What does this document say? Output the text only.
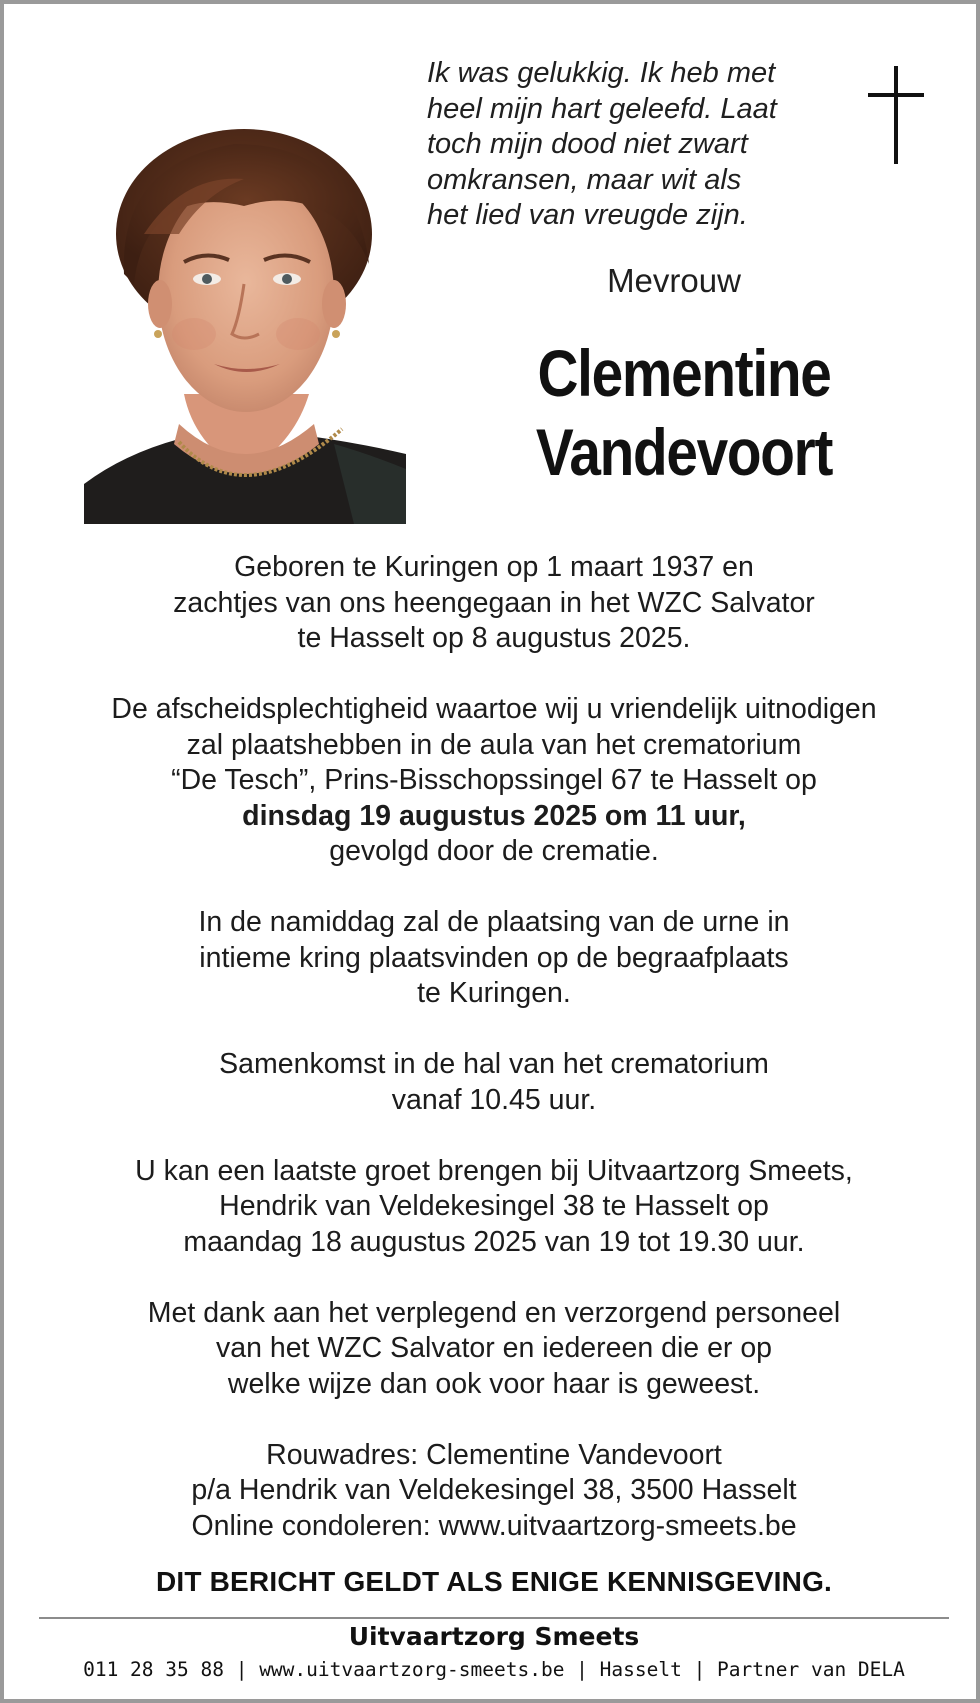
Ik was gelukkig. Ik heb met
heel mijn hart geleefd. Laat
toch mijn dood niet zwart
omkransen, maar wit als
het lied van vreugde zijn.
Mevrouw
Clementine
Vandevoort
Geboren te Kuringen op 1 maart 1937 en
zachtjes van ons heengegaan in het WZC Salvator
te Hasselt op 8 augustus 2025.
De afscheidsplechtigheid waartoe wij u vriendelijk uitnodigen
zal plaatshebben in de aula van het crematorium
“De Tesch”, Prins-Bisschopssingel 67 te Hasselt op
dinsdag 19 augustus 2025 om 11 uur,
gevolgd door de crematie.
In de namiddag zal de plaatsing van de urne in
intieme kring plaatsvinden op de begraafplaats
te Kuringen.
Samenkomst in de hal van het crematorium
vanaf 10.45 uur.
U kan een laatste groet brengen bij Uitvaartzorg Smeets,
Hendrik van Veldekesingel 38 te Hasselt op
maandag 18 augustus 2025 van 19 tot 19.30 uur.
Met dank aan het verplegend en verzorgend personeel
van het WZC Salvator en iedereen die er op
welke wijze dan ook voor haar is geweest.
Rouwadres: Clementine Vandevoort
p/a Hendrik van Veldekesingel 38, 3500 Hasselt
Online condoleren: www.uitvaartzorg-smeets.be
DIT BERICHT GELDT ALS ENIGE KENNISGEVING.
Uitvaartzorg Smeets
011 28 35 88 | www.uitvaartzorg-smeets.be | Hasselt | Partner van DELA
